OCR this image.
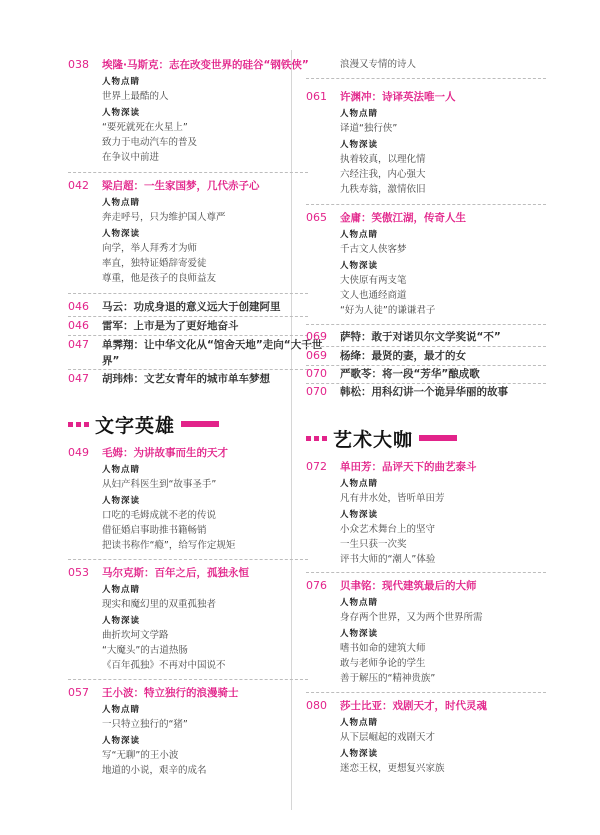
038	埃隆·马斯克：志在改变世界的硅谷“钢铁侠”
人物点睛
世界上最酷的人
人物深读
“要死就死在火星上”
致力于电动汽车的普及
在争议中前进
042	梁启超：一生家国梦，几代赤子心
人物点睛
奔走呼号，只为维护国人尊严
人物深读
向学，举人拜秀才为师
率直，独特证婚辞寄爱徒
尊重，他是孩子的良师益友
046	马云：功成身退的意义远大于创建阿里
046	雷军：上市是为了更好地奋斗
047	单霁翔：让中华文化从“馆舍天地”走向“大千世界”
047	胡玮炜：文艺女青年的城市单车梦想
文字英雄
049	毛姆：为讲故事而生的天才
人物点睛
从妇产科医生到“故事圣手”
人物深读
口吃的毛姆成就不老的传说
借征婚启事助推书籍畅销
把读书称作“瘾”，给写作定规矩
053	马尔克斯：百年之后，孤独永恒
人物点睛
现实和魔幻里的双重孤独者
人物深读
曲折坎坷文学路
“大魔头”的古道热肠
《百年孤独》不再对中国说不
057	王小波：特立独行的浪漫骑士
人物点睛
一只特立独行的“猪”
人物深读
写“无聊”的王小波
地道的小说，艰辛的成名
浪漫又专情的诗人
061	许渊冲：诗译英法唯一人
人物点睛
译道“独行侠”
人物深读
执着较真，以理化情
六经注我，内心强大
九秩寿翁，激情依旧
065	金庸：笑傲江湖，传奇人生
人物点睛
千古文人侠客梦
人物深读
大侠原有两支笔
文人也通经商道
“好为人徒”的谦谦君子
069	萨特：敢于对诺贝尔文学奖说“不”
069	杨绛：最贤的妻，最才的女
070	严歌苓：将一段“芳华”酿成歌
070	韩松：用科幻讲一个诡异华丽的故事
艺术大咖
072	单田芳：品评天下的曲艺泰斗
人物点睛
凡有井水处，皆听单田芳
人物深读
小众艺术舞台上的坚守
一生只获一次奖
评书大师的“潮人”体验
076	贝聿铭：现代建筑最后的大师
人物点睛
身存两个世界，又为两个世界所需
人物深读
嗜书如命的建筑大师
敢与老师争论的学生
善于解压的“精神贵族”
080	莎士比亚：戏剧天才，时代灵魂
人物点睛
从下层崛起的戏剧天才
人物深读
迷恋王权，更想复兴家族
